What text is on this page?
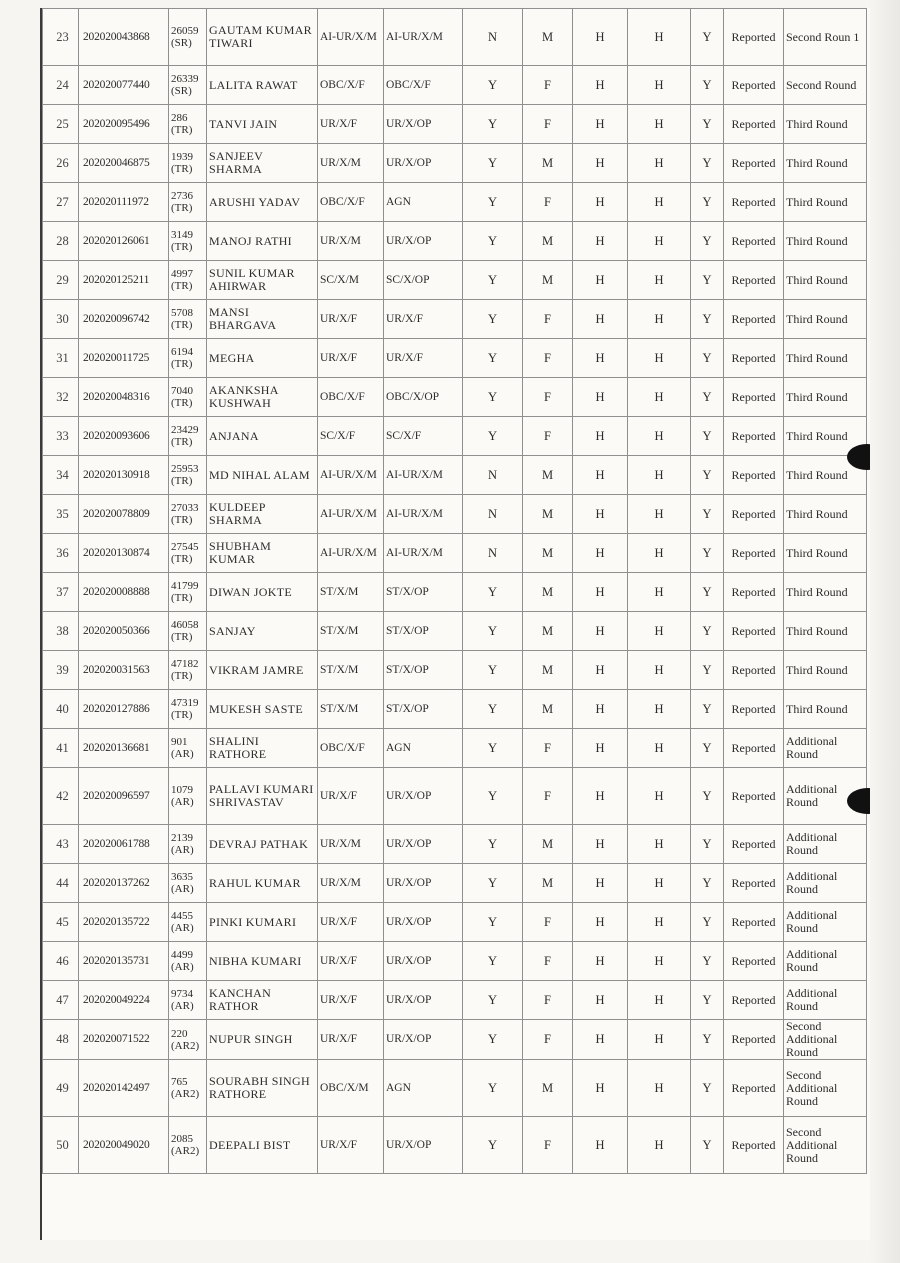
23	202020043868	26059 (SR)	GAUTAM KUMAR TIWARI	AI-UR/X/M	AI-UR/X/M	N	M	H	H	Y	Reported	Second Roun 1
24	202020077440	26339 (SR)	LALITA RAWAT	OBC/X/F	OBC/X/F	Y	F	H	H	Y	Reported	Second Round
25	202020095496	286 (TR)	TANVI JAIN	UR/X/F	UR/X/OP	Y	F	H	H	Y	Reported	Third Round
26	202020046875	1939 (TR)	SANJEEV SHARMA	UR/X/M	UR/X/OP	Y	M	H	H	Y	Reported	Third Round
27	202020111972	2736 (TR)	ARUSHI YADAV	OBC/X/F	AGN	Y	F	H	H	Y	Reported	Third Round
28	202020126061	3149 (TR)	MANOJ RATHI	UR/X/M	UR/X/OP	Y	M	H	H	Y	Reported	Third Round
29	202020125211	4997 (TR)	SUNIL KUMAR AHIRWAR	SC/X/M	SC/X/OP	Y	M	H	H	Y	Reported	Third Round
30	202020096742	5708 (TR)	MANSI BHARGAVA	UR/X/F	UR/X/F	Y	F	H	H	Y	Reported	Third Round
31	202020011725	6194 (TR)	MEGHA	UR/X/F	UR/X/F	Y	F	H	H	Y	Reported	Third Round
32	202020048316	7040 (TR)	AKANKSHA KUSHWAH	OBC/X/F	OBC/X/OP	Y	F	H	H	Y	Reported	Third Round
33	202020093606	23429 (TR)	ANJANA	SC/X/F	SC/X/F	Y	F	H	H	Y	Reported	Third Round
34	202020130918	25953 (TR)	MD NIHAL ALAM	AI-UR/X/M	AI-UR/X/M	N	M	H	H	Y	Reported	Third Round
35	202020078809	27033 (TR)	KULDEEP SHARMA	AI-UR/X/M	AI-UR/X/M	N	M	H	H	Y	Reported	Third Round
36	202020130874	27545 (TR)	SHUBHAM KUMAR	AI-UR/X/M	AI-UR/X/M	N	M	H	H	Y	Reported	Third Round
37	202020008888	41799 (TR)	DIWAN JOKTE	ST/X/M	ST/X/OP	Y	M	H	H	Y	Reported	Third Round
38	202020050366	46058 (TR)	SANJAY	ST/X/M	ST/X/OP	Y	M	H	H	Y	Reported	Third Round
39	202020031563	47182 (TR)	VIKRAM JAMRE	ST/X/M	ST/X/OP	Y	M	H	H	Y	Reported	Third Round
40	202020127886	47319 (TR)	MUKESH SASTE	ST/X/M	ST/X/OP	Y	M	H	H	Y	Reported	Third Round
41	202020136681	901 (AR)	SHALINI RATHORE	OBC/X/F	AGN	Y	F	H	H	Y	Reported	Additional Round
42	202020096597	1079 (AR)	PALLAVI KUMARI SHRIVASTAV	UR/X/F	UR/X/OP	Y	F	H	H	Y	Reported	Additional Round
43	202020061788	2139 (AR)	DEVRAJ PATHAK	UR/X/M	UR/X/OP	Y	M	H	H	Y	Reported	Additional Round
44	202020137262	3635 (AR)	RAHUL KUMAR	UR/X/M	UR/X/OP	Y	M	H	H	Y	Reported	Additional Round
45	202020135722	4455 (AR)	PINKI KUMARI	UR/X/F	UR/X/OP	Y	F	H	H	Y	Reported	Additional Round
46	202020135731	4499 (AR)	NIBHA KUMARI	UR/X/F	UR/X/OP	Y	F	H	H	Y	Reported	Additional Round
47	202020049224	9734 (AR)	KANCHAN RATHOR	UR/X/F	UR/X/OP	Y	F	H	H	Y	Reported	Additional Round
48	202020071522	220 (AR2)	NUPUR SINGH	UR/X/F	UR/X/OP	Y	F	H	H	Y	Reported	Second Additional Round
49	202020142497	765 (AR2)	SOURABH SINGH RATHORE	OBC/X/M	AGN	Y	M	H	H	Y	Reported	Second Additional Round
50	202020049020	2085 (AR2)	DEEPALI BIST	UR/X/F	UR/X/OP	Y	F	H	H	Y	Reported	Second Additional Round
